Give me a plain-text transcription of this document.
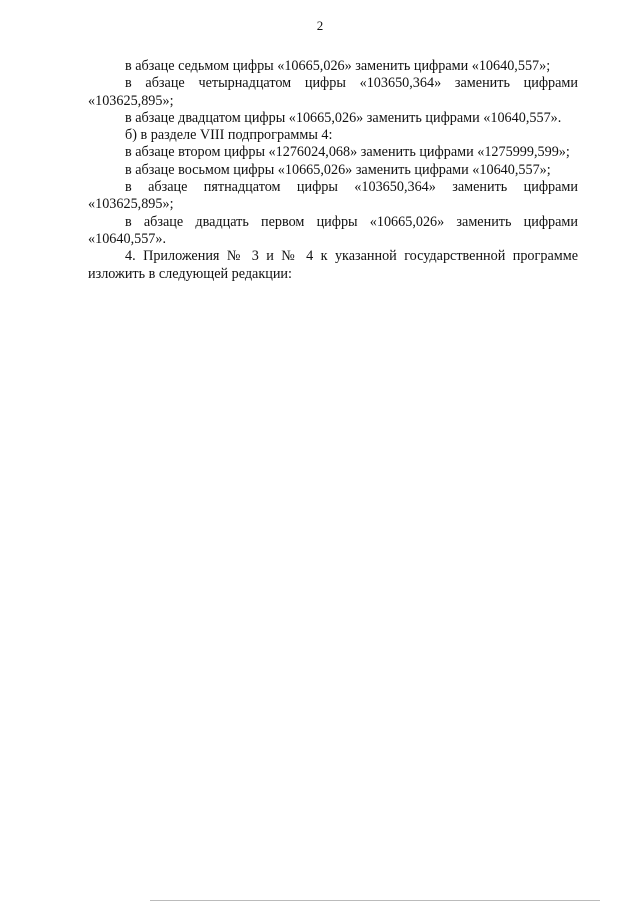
2

в абзаце седьмом цифры «10665,026» заменить цифрами «10640,557»;

в абзаце четырнадцатом цифры «103650,364» заменить цифрами «103625,895»;

в абзаце двадцатом цифры «10665,026» заменить цифрами «10640,557».

б) в разделе VIII подпрограммы 4:

в абзаце втором цифры «1276024,068» заменить цифрами «1275999,599»;

в абзаце восьмом цифры «10665,026» заменить цифрами «10640,557»;

в абзаце пятнадцатом цифры «103650,364» заменить цифрами «103625,895»;

в абзаце двадцать первом цифры «10665,026» заменить цифрами «10640,557».

4. Приложения № 3 и № 4 к указанной государственной программе изложить в следующей редакции:
